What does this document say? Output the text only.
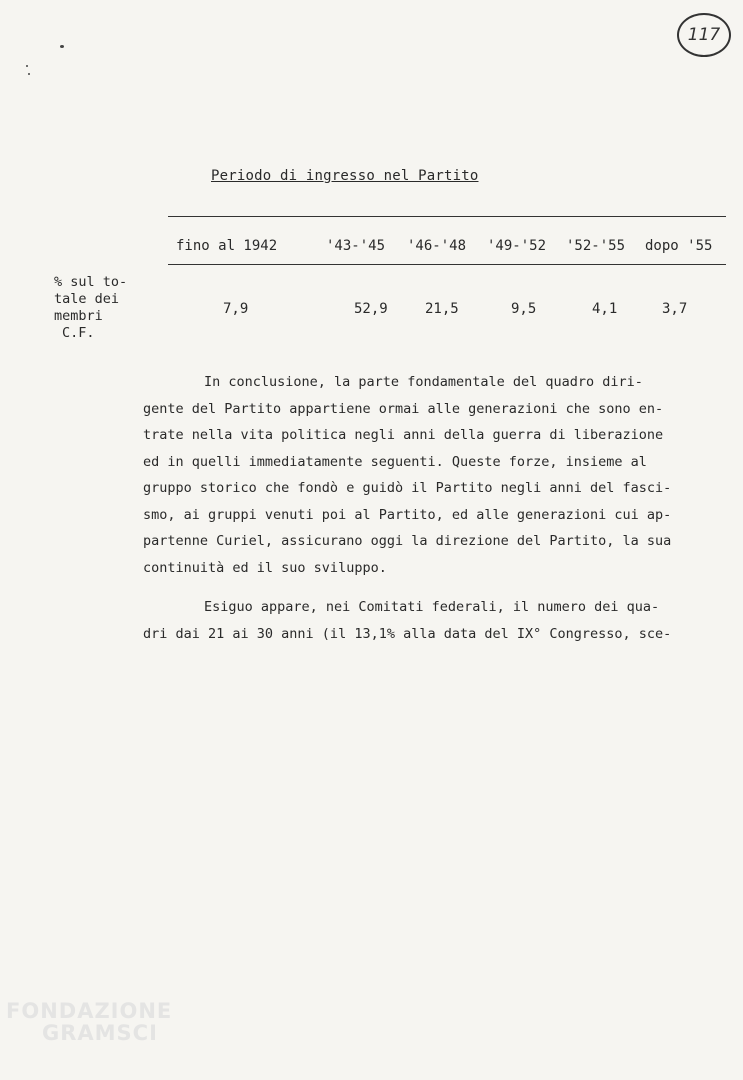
117
Periodo di ingresso nel Partito
fino al 1942	'43-'45 '46-'48 '49-'52 '52-'55 dopo '55
% sul to-
tale dei
membri
C.F.
7,9	52,9	21,5	9,5	4,1	3,7
In conclusione, la parte fondamentale del quadro diri-
gente del Partito appartiene ormai alle generazioni che sono en-
trate nella vita politica negli anni della guerra di liberazione
ed in quelli immediatamente seguenti. Queste forze, insieme al
gruppo storico che fondò e guidò il Partito negli anni del fasci-
smo, ai gruppi venuti poi al Partito, ed alle generazioni cui ap-
partenne Curiel, assicurano oggi la direzione del Partito, la sua
continuità ed il suo sviluppo.
Esiguo appare, nei Comitati federali, il numero dei qua-
dri dai 21 ai 30 anni (il 13,1% alla data del IX° Congresso, sce-
FONDAZIONE
GRAMSCI
